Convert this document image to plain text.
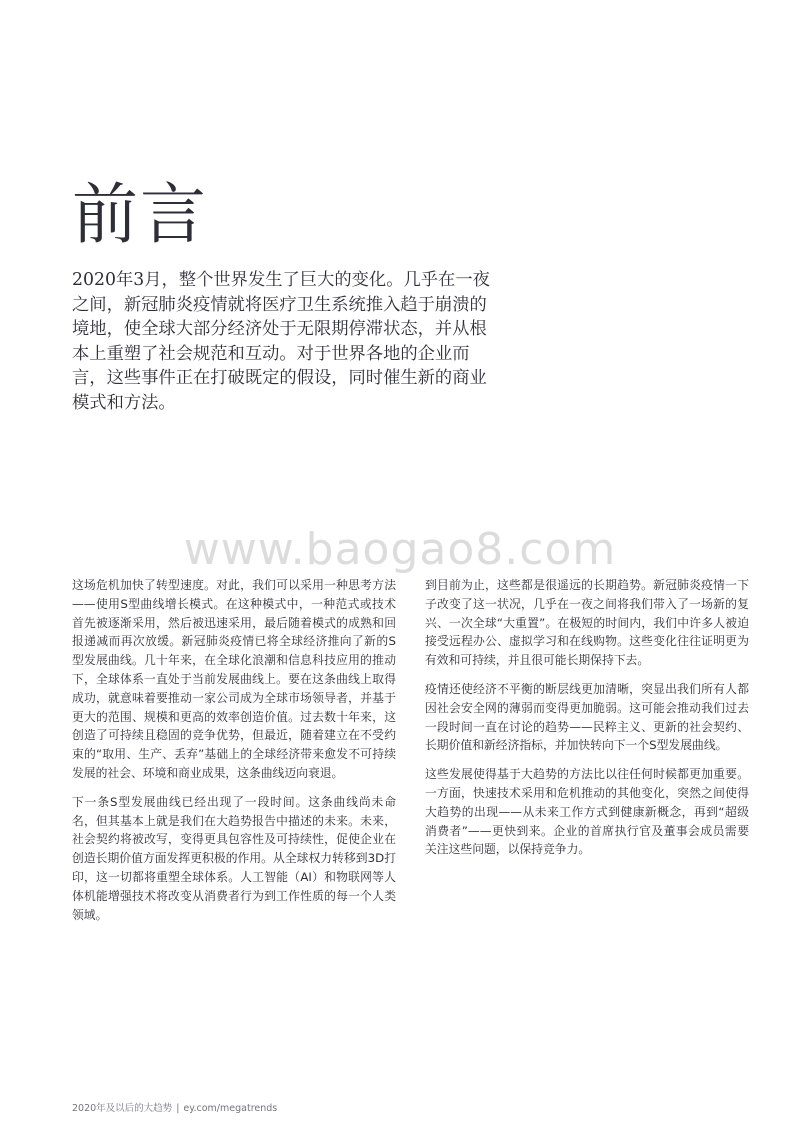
前言

2020年3月，整个世界发生了巨大的变化。几乎在一夜之间，新冠肺炎疫情就将医疗卫生系统推入趋于崩溃的境地，使全球大部分经济处于无限期停滞状态，并从根本上重塑了社会规范和互动。对于世界各地的企业而言，这些事件正在打破既定的假设，同时催生新的商业模式和方法。

www.baogao8.com

这场危机加快了转型速度。对此，我们可以采用一种思考方法——使用S型曲线增长模式。在这种模式中，一种范式或技术首先被逐渐采用，然后被迅速采用，最后随着模式的成熟和回报递减而再次放缓。新冠肺炎疫情已将全球经济推向了新的S型发展曲线。几十年来，在全球化浪潮和信息科技应用的推动下，全球体系一直处于当前发展曲线上。要在这条曲线上取得成功，就意味着要推动一家公司成为全球市场领导者，并基于更大的范围、规模和更高的效率创造价值。过去数十年来，这创造了可持续且稳固的竞争优势，但最近，随着建立在不受约束的“取用、生产、丢弃”基础上的全球经济带来愈发不可持续发展的社会、环境和商业成果，这条曲线迈向衰退。

下一条S型发展曲线已经出现了一段时间。这条曲线尚未命名，但其基本上就是我们在大趋势报告中描述的未来。未来，社会契约将被改写，变得更具包容性及可持续性，促使企业在创造长期价值方面发挥更积极的作用。从全球权力转移到3D打印，这一切都将重塑全球体系。人工智能（AI）和物联网等人体机能增强技术将改变从消费者行为到工作性质的每一个人类领域。

到目前为止，这些都是很遥远的长期趋势。新冠肺炎疫情一下子改变了这一状况，几乎在一夜之间将我们带入了一场新的复兴、一次全球“大重置”。在极短的时间内，我们中许多人被迫接受远程办公、虚拟学习和在线购物。这些变化往往证明更为有效和可持续，并且很可能长期保持下去。

疫情还使经济不平衡的断层线更加清晰，突显出我们所有人都因社会安全网的薄弱而变得更加脆弱。这可能会推动我们过去一段时间一直在讨论的趋势——民粹主义、更新的社会契约、长期价值和新经济指标，并加快转向下一个S型发展曲线。

这些发展使得基于大趋势的方法比以往任何时候都更加重要。一方面，快速技术采用和危机推动的其他变化，突然之间使得大趋势的出现——从未来工作方式到健康新概念，再到“超级消费者”——更快到来。企业的首席执行官及董事会成员需要关注这些问题，以保持竞争力。

2020年及以后的大趋势 | ey.com/megatrends
